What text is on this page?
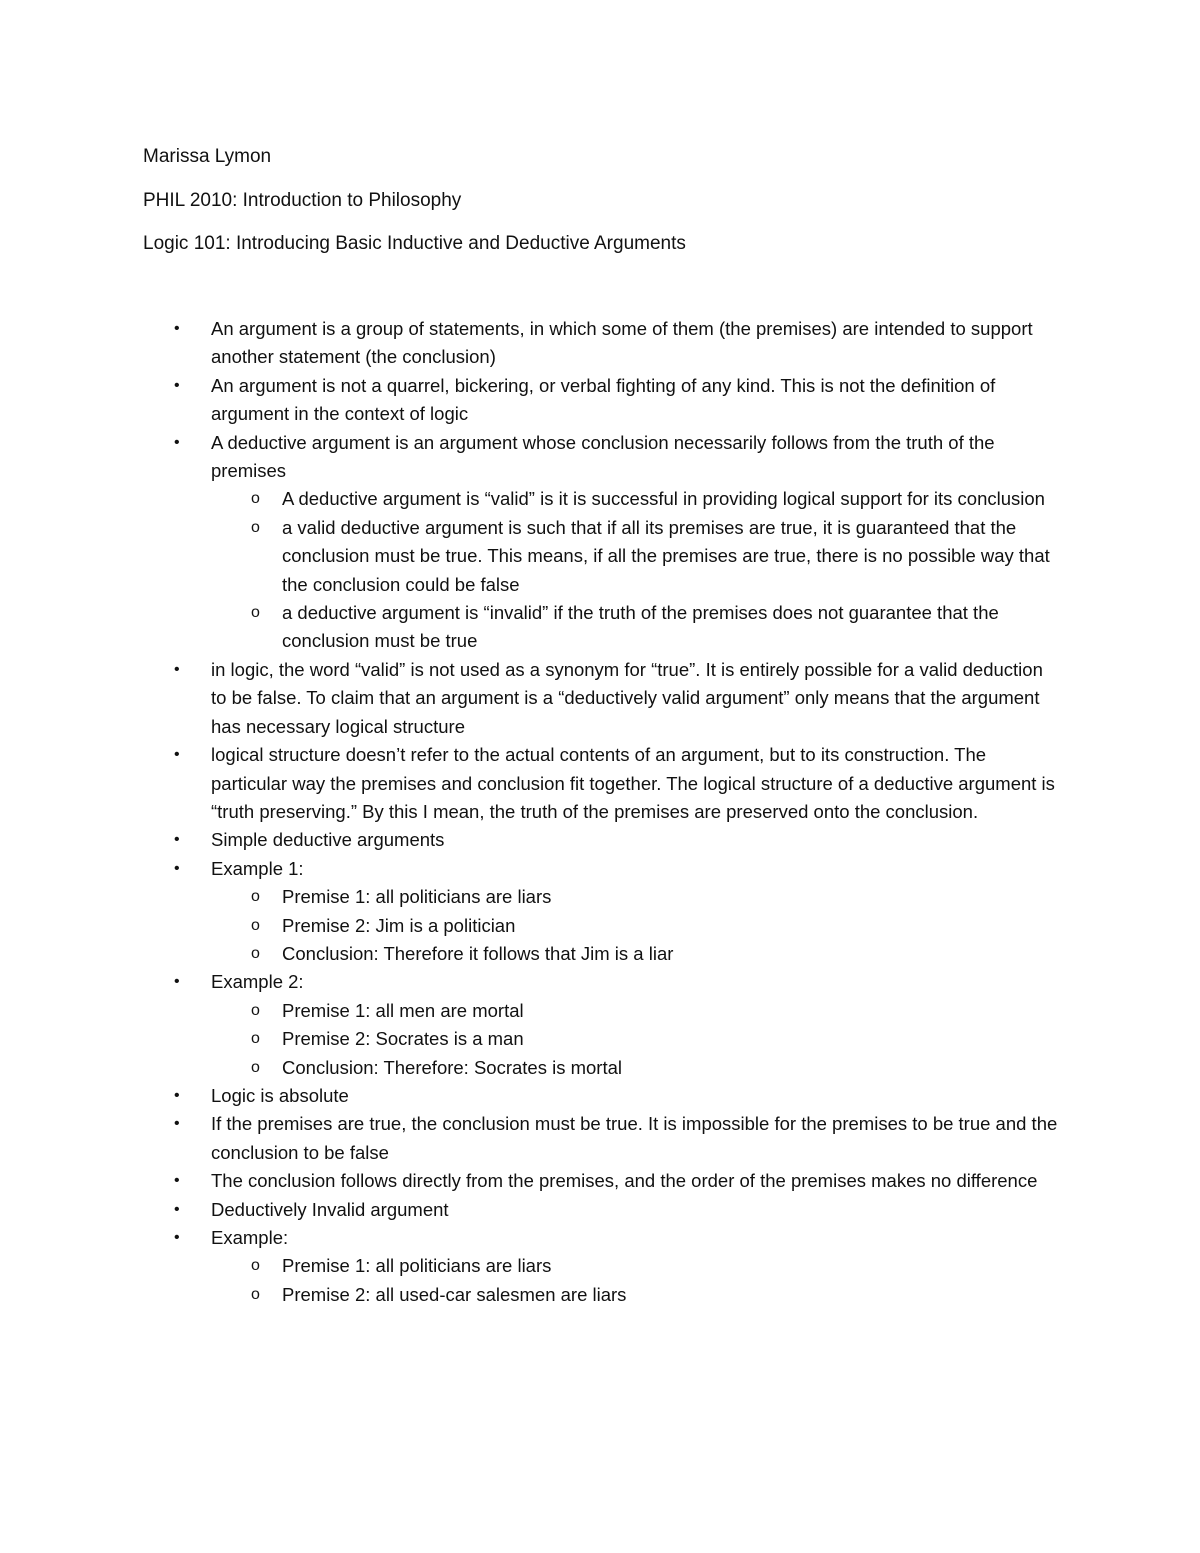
Marissa Lymon
PHIL 2010: Introduction to Philosophy
Logic 101: Introducing Basic Inductive and Deductive Arguments
• An argument is a group of statements, in which some of them (the premises) are intended to support another statement (the conclusion)
• An argument is not a quarrel, bickering, or verbal fighting of any kind. This is not the definition of argument in the context of logic
• A deductive argument is an argument whose conclusion necessarily follows from the truth of the premises
o A deductive argument is “valid” is it is successful in providing logical support for its conclusion
o a valid deductive argument is such that if all its premises are true, it is guaranteed that the conclusion must be true. This means, if all the premises are true, there is no possible way that the conclusion could be false
o a deductive argument is “invalid” if the truth of the premises does not guarantee that the conclusion must be true
• in logic, the word “valid” is not used as a synonym for “true”. It is entirely possible for a valid deduction to be false. To claim that an argument is a “deductively valid argument” only means that the argument has necessary logical structure
• logical structure doesn’t refer to the actual contents of an argument, but to its construction. The particular way the premises and conclusion fit together. The logical structure of a deductive argument is “truth preserving.” By this I mean, the truth of the premises are preserved onto the conclusion.
• Simple deductive arguments
• Example 1:
o Premise 1: all politicians are liars
o Premise 2: Jim is a politician
o Conclusion: Therefore it follows that Jim is a liar
• Example 2:
o Premise 1: all men are mortal
o Premise 2: Socrates is a man
o Conclusion: Therefore: Socrates is mortal
• Logic is absolute
• If the premises are true, the conclusion must be true. It is impossible for the premises to be true and the conclusion to be false
• The conclusion follows directly from the premises, and the order of the premises makes no difference
• Deductively Invalid argument
• Example:
o Premise 1: all politicians are liars
o Premise 2: all used-car salesmen are liars
